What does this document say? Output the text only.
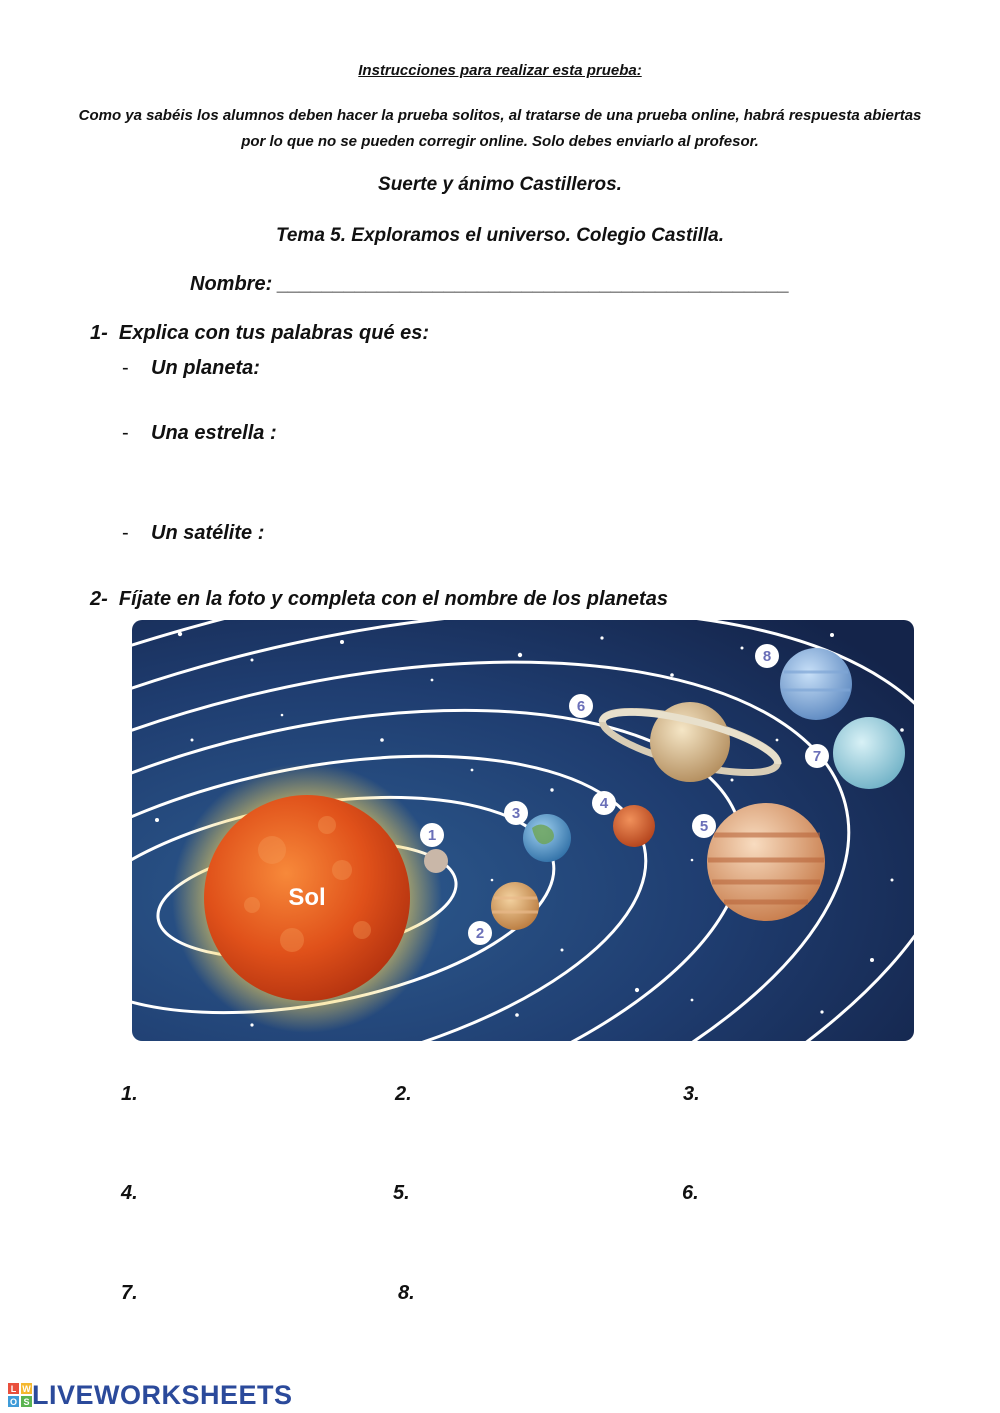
Instrucciones para realizar esta prueba:
Como ya sabéis los alumnos deben hacer la prueba solitos, al tratarse de una prueba online, habrá respuesta abiertas por lo que no se pueden corregir online. Solo debes enviarlo al profesor.
Suerte y ánimo Castilleros.
Tema 5. Exploramos el universo. Colegio Castilla.
Nombre: ______________________________________________
1- Explica con tus palabras qué es:
- Un planeta:
- Una estrella :
- Un satélite :
2- Fíjate en la foto y completa con el nombre de los planetas
Sol
1
2
3
4
5
6
7
8
1.	2.	3.
4.	5.	6.
7.	8.
L W
O S LIVEWORKSHEETS
